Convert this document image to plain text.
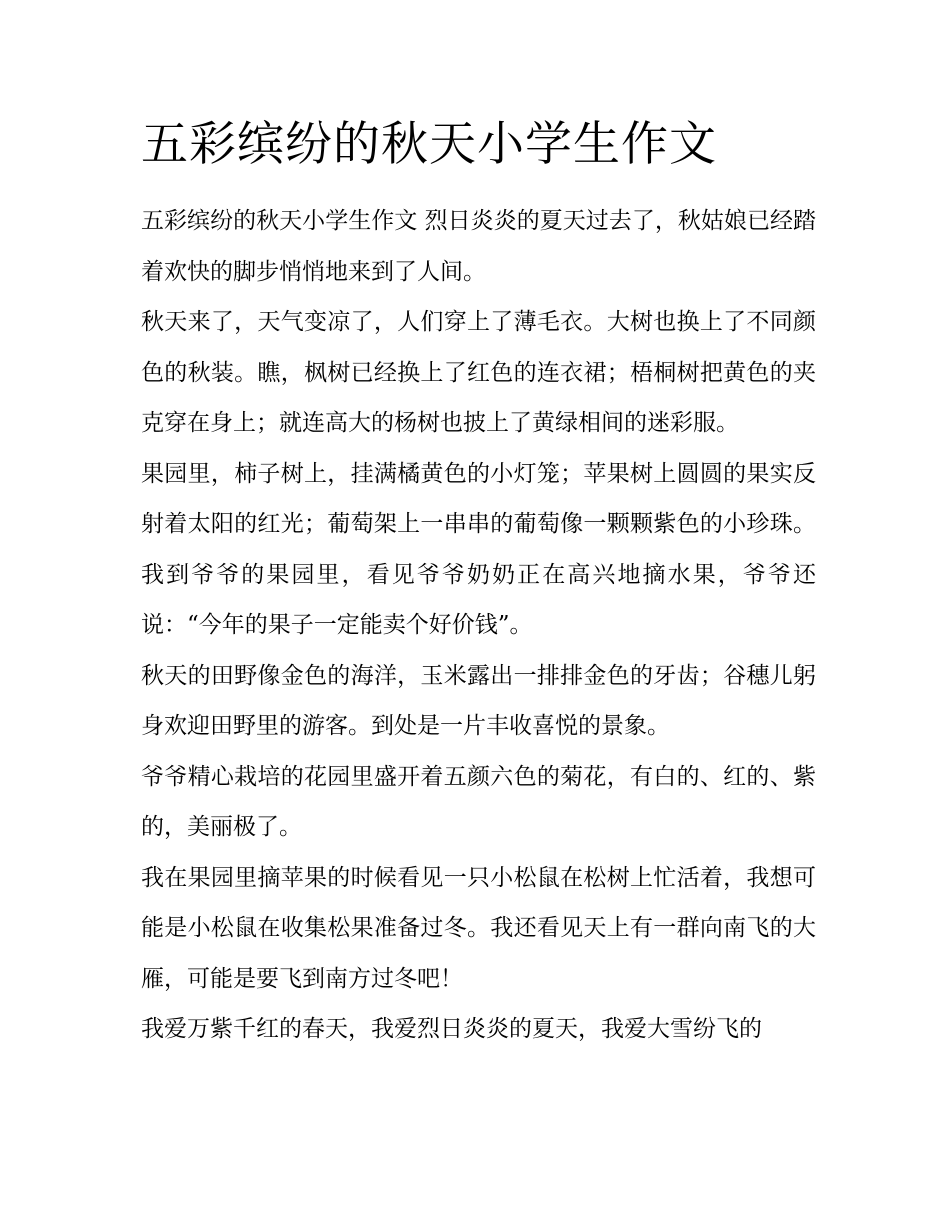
五彩缤纷的秋天小学生作文

五彩缤纷的秋天小学生作文 烈日炎炎的夏天过去了，秋姑娘已经踏着欢快的脚步悄悄地来到了人间。

秋天来了，天气变凉了，人们穿上了薄毛衣。大树也换上了不同颜色的秋装。瞧，枫树已经换上了红色的连衣裙；梧桐树把黄色的夹克穿在身上；就连高大的杨树也披上了黄绿相间的迷彩服。

果园里，柿子树上，挂满橘黄色的小灯笼；苹果树上圆圆的果实反射着太阳的红光；葡萄架上一串串的葡萄像一颗颗紫色的小珍珠。我到爷爷的果园里，看见爷爷奶奶正在高兴地摘水果，爷爷还说：“今年的果子一定能卖个好价钱”。

秋天的田野像金色的海洋，玉米露出一排排金色的牙齿；谷穗儿躬身欢迎田野里的游客。到处是一片丰收喜悦的景象。

爷爷精心栽培的花园里盛开着五颜六色的菊花，有白的、红的、紫的，美丽极了。

我在果园里摘苹果的时候看见一只小松鼠在松树上忙活着，我想可能是小松鼠在收集松果准备过冬。我还看见天上有一群向南飞的大雁，可能是要飞到南方过冬吧！

我爱万紫千红的春天，我爱烈日炎炎的夏天，我爱大雪纷飞的
